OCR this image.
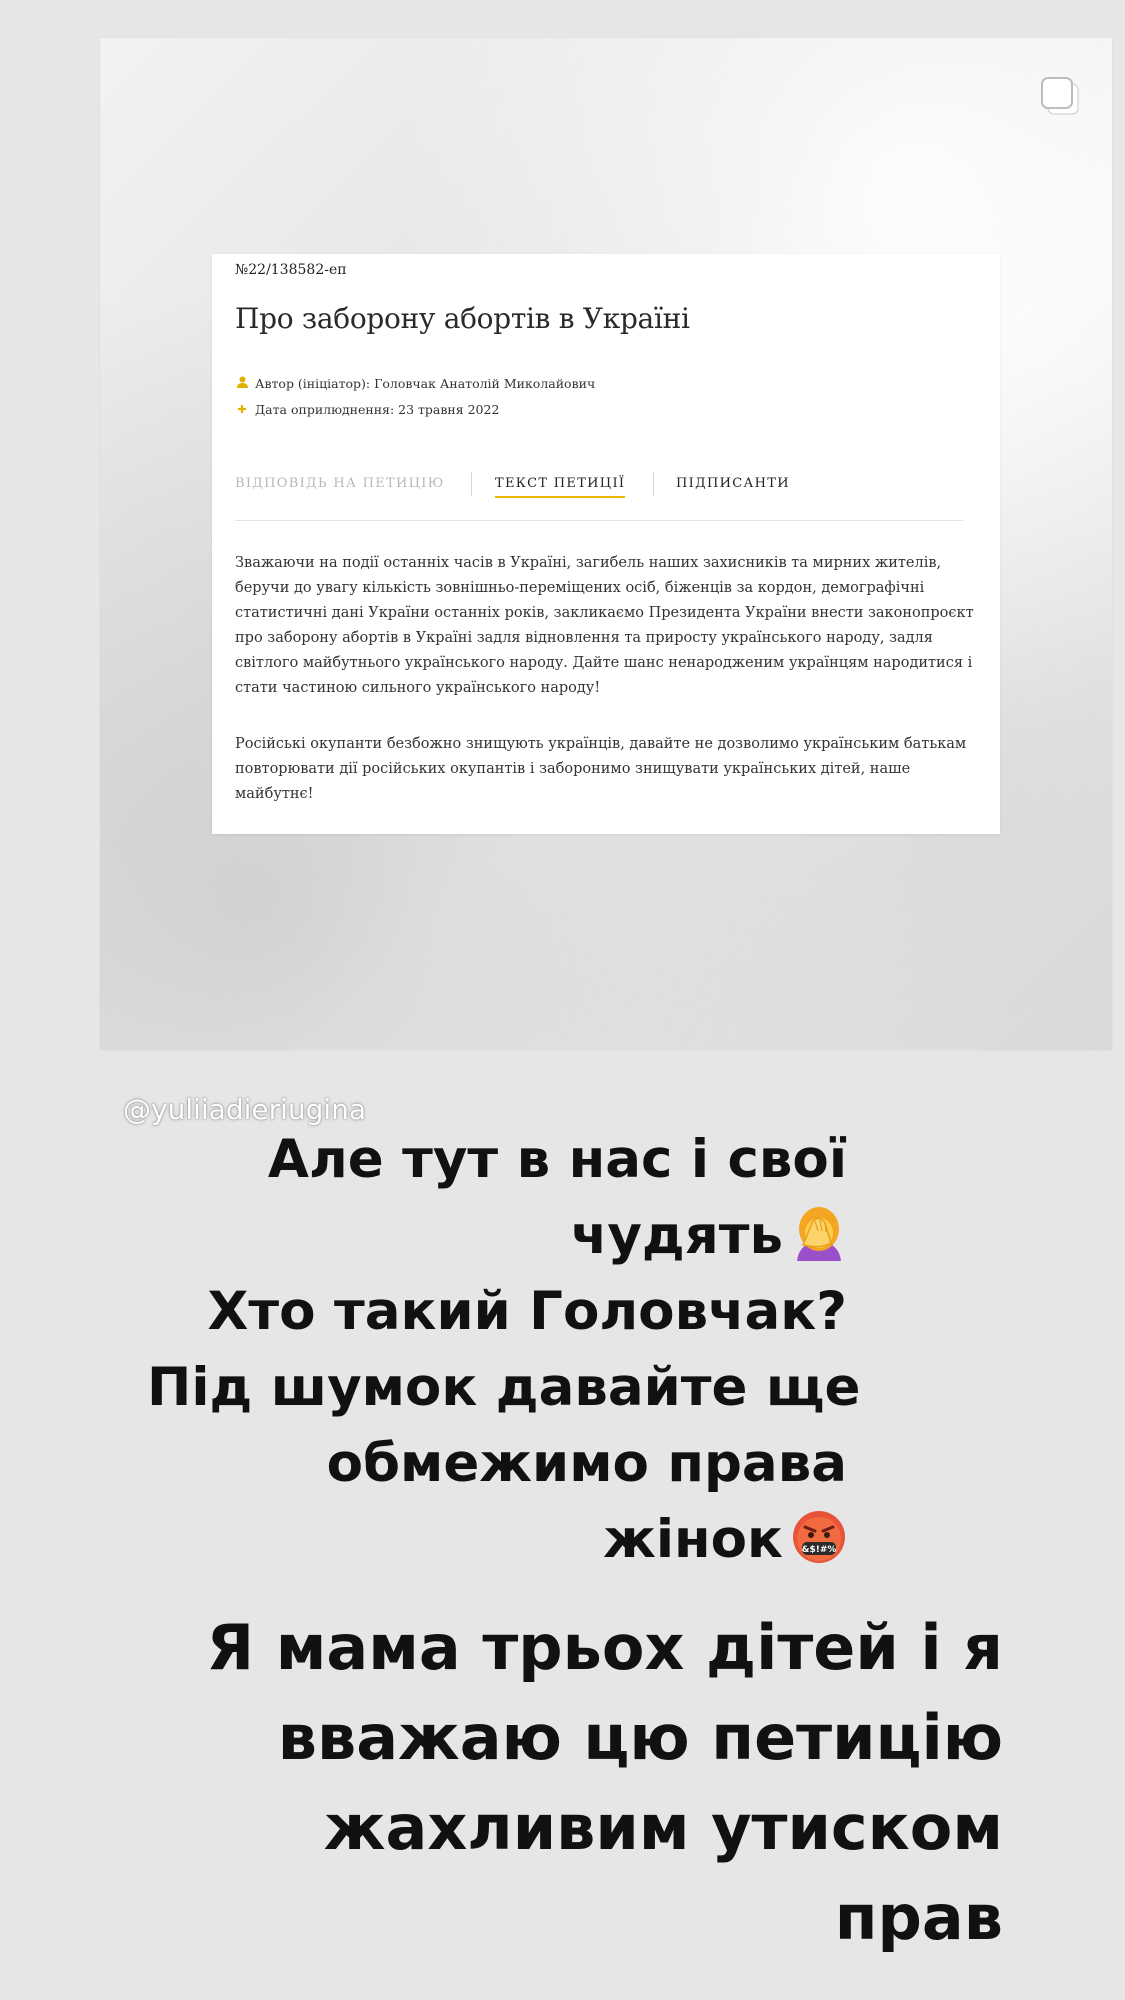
№22/138582-еп
Про заборону абортів в Україні
Автор (ініціатор): Головчак Анатолій Миколайович
✚ Дата оприлюднення: 23 травня 2022
ВІДПОВІДЬ НА ПЕТИЦІЮ	ТЕКСТ ПЕТИЦІЇ	ПІДПИСАНТИ

Зважаючи на події останніх часів в Україні, загибель наших захисників та мирних жителів, беручи до увагу кількість зовнішньо-переміщених осіб, біженців за кордон, демографічні статистичні дані України останніх років, закликаємо Президента України внести законопроєкт про заборону абортів в Україні задля відновлення та приросту українського народу, задля світлого майбутнього українського народу. Дайте шанс ненародженим українцям народитися і стати частиною сильного українського народу!

Російські окупанти безбожно знищують українців, давайте не дозволимо українським батькам повторювати дії російських окупантів і заборонимо знищувати українських дітей, наше майбутнє!

@yuliiadieriugina
Але тут в нас і свої
чудять
Хто такий Головчак?
Під шумок давайте ще
обмежимо права
жінок &$!#%
Я мама трьох дітей і я
вважаю цю петицію
жахливим утиском
прав
